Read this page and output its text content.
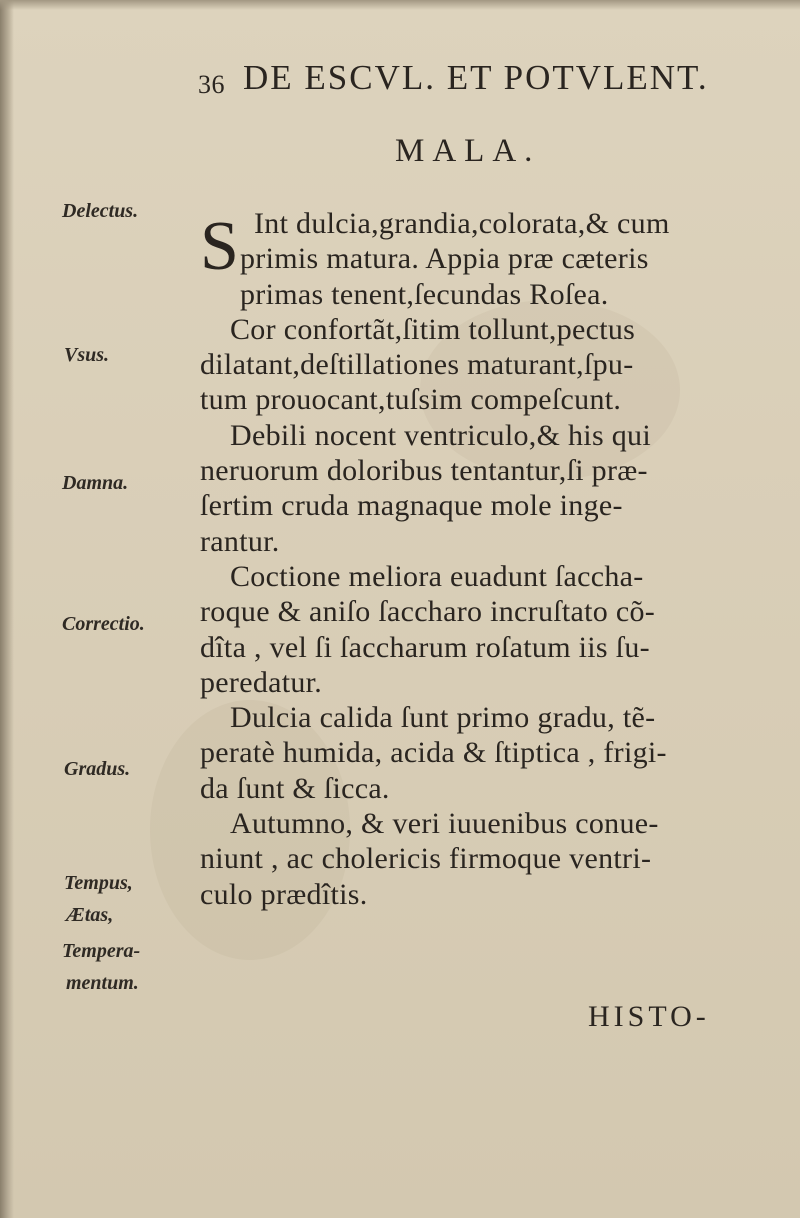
36 DE ESCVL. ET POTVLENT.
MALA.
Delectus.
Vsus.
Damna.
Correctio.
Gradus.
Tempus,
Ætas,
Tempera-
mentum.
S Int dulcia,grandia,colorata,& cum
primis matura. Appia præ cæteris
primas tenent,ſecundas Roſea.
Cor confortãt,ſitim tollunt,pectus
dilatant,deſtillationes maturant,ſpu-
tum prouocant,tuſsim compeſcunt.
Debili nocent ventriculo,& his qui
neruorum doloribus tentantur,ſi præ-
ſertim cruda magnaque mole inge-
rantur.
Coctione meliora euadunt ſaccha-
roque & aniſo ſaccharo incruſtato cõ-
dîta , vel ſi ſaccharum roſatum iis ſu-
peredatur.
Dulcia calida ſunt primo gradu, tẽ-
peratè humida, acida & ſtiptica , frigi-
da ſunt & ſicca.
Autumno, & veri iuuenibus conue-
niunt , ac cholericis firmoque ventri-
culo prædîtis.
HISTO-
